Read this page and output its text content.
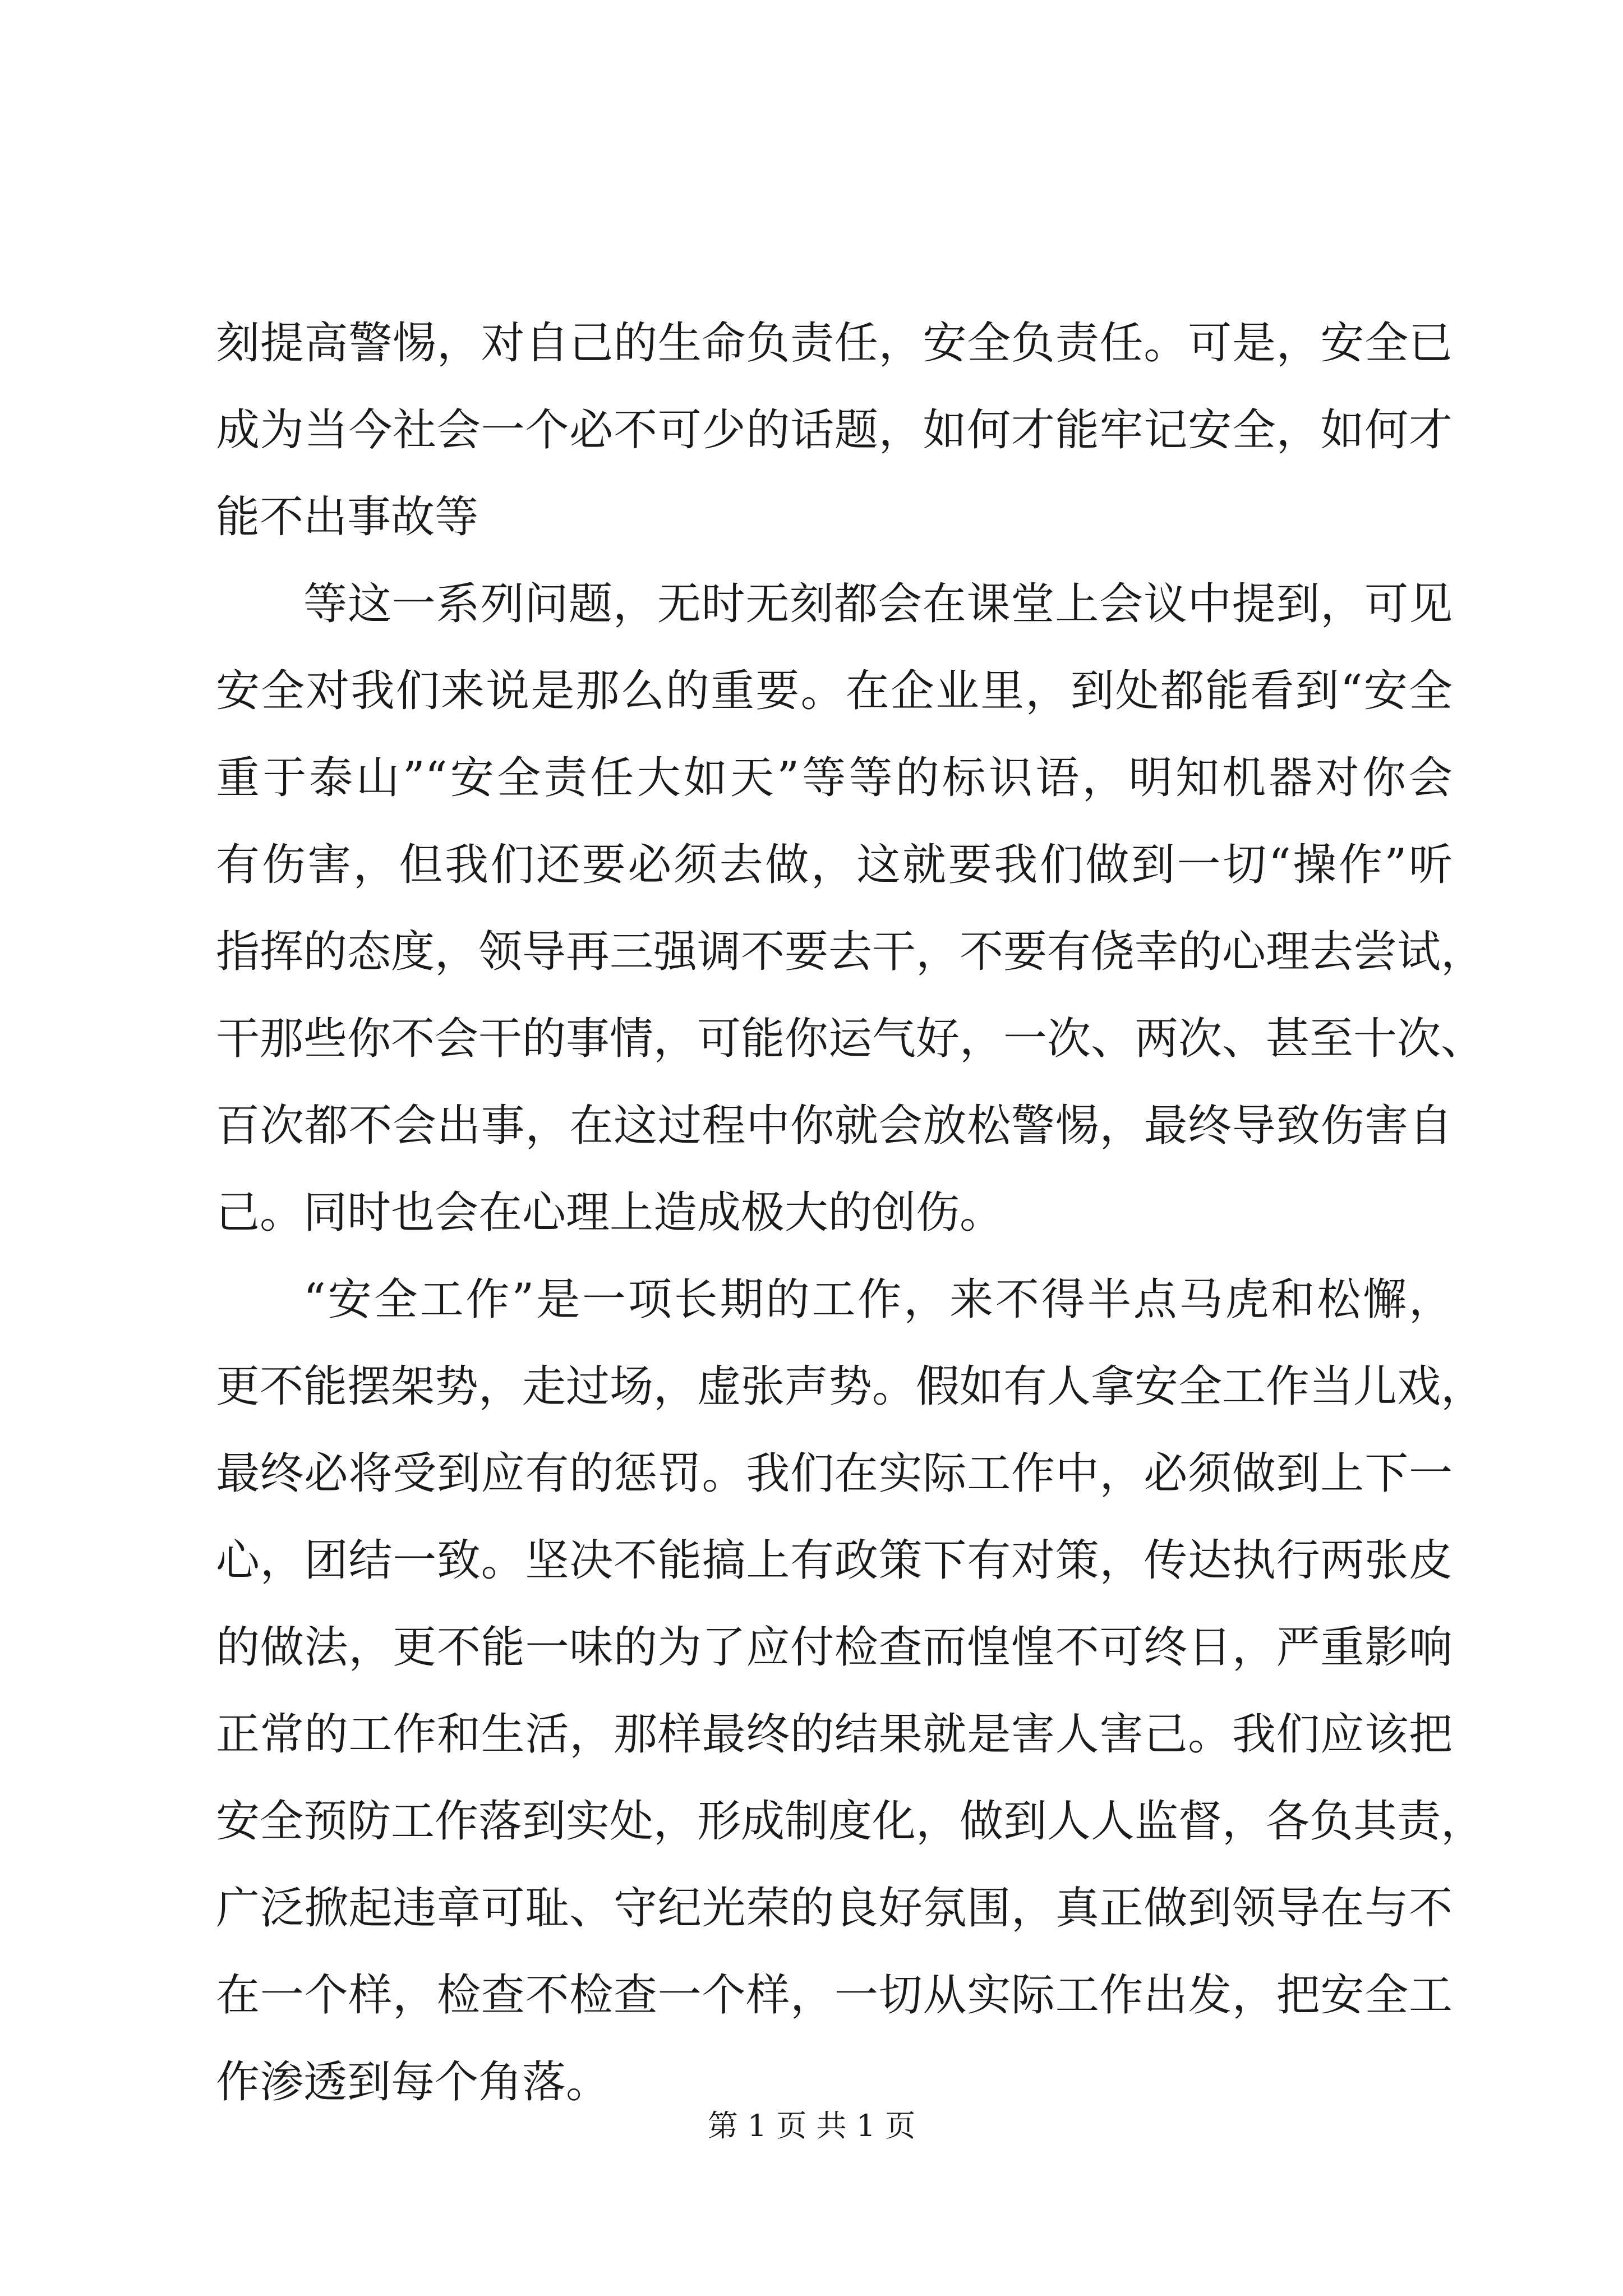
刻提高警惕，对自己的生命负责任，安全负责任。可是，安全已
成为当今社会一个必不可少的话题，如何才能牢记安全，如何才
能不出事故等
等这一系列问题，无时无刻都会在课堂上会议中提到，可见
安全对我们来说是那么的重要。在企业里，到处都能看到“安全
重于泰山”“安全责任大如天”等等的标识语，明知机器对你会
有伤害，但我们还要必须去做，这就要我们做到一切“操作”听
指挥的态度，领导再三强调不要去干，不要有侥幸的心理去尝试，
干那些你不会干的事情，可能你运气好，一次、两次、甚至十次、
百次都不会出事，在这过程中你就会放松警惕，最终导致伤害自
己。同时也会在心理上造成极大的创伤。
“安全工作”是一项长期的工作，来不得半点马虎和松懈，
更不能摆架势，走过场，虚张声势。假如有人拿安全工作当儿戏，
最终必将受到应有的惩罚。我们在实际工作中，必须做到上下一
心，团结一致。坚决不能搞上有政策下有对策，传达执行两张皮
的做法，更不能一味的为了应付检查而惶惶不可终日，严重影响
正常的工作和生活，那样最终的结果就是害人害己。我们应该把
安全预防工作落到实处，形成制度化，做到人人监督，各负其责，
广泛掀起违章可耻、守纪光荣的良好氛围，真正做到领导在与不
在一个样，检查不检查一个样，一切从实际工作出发，把安全工
作渗透到每个角落。
第 1 页 共 1 页
